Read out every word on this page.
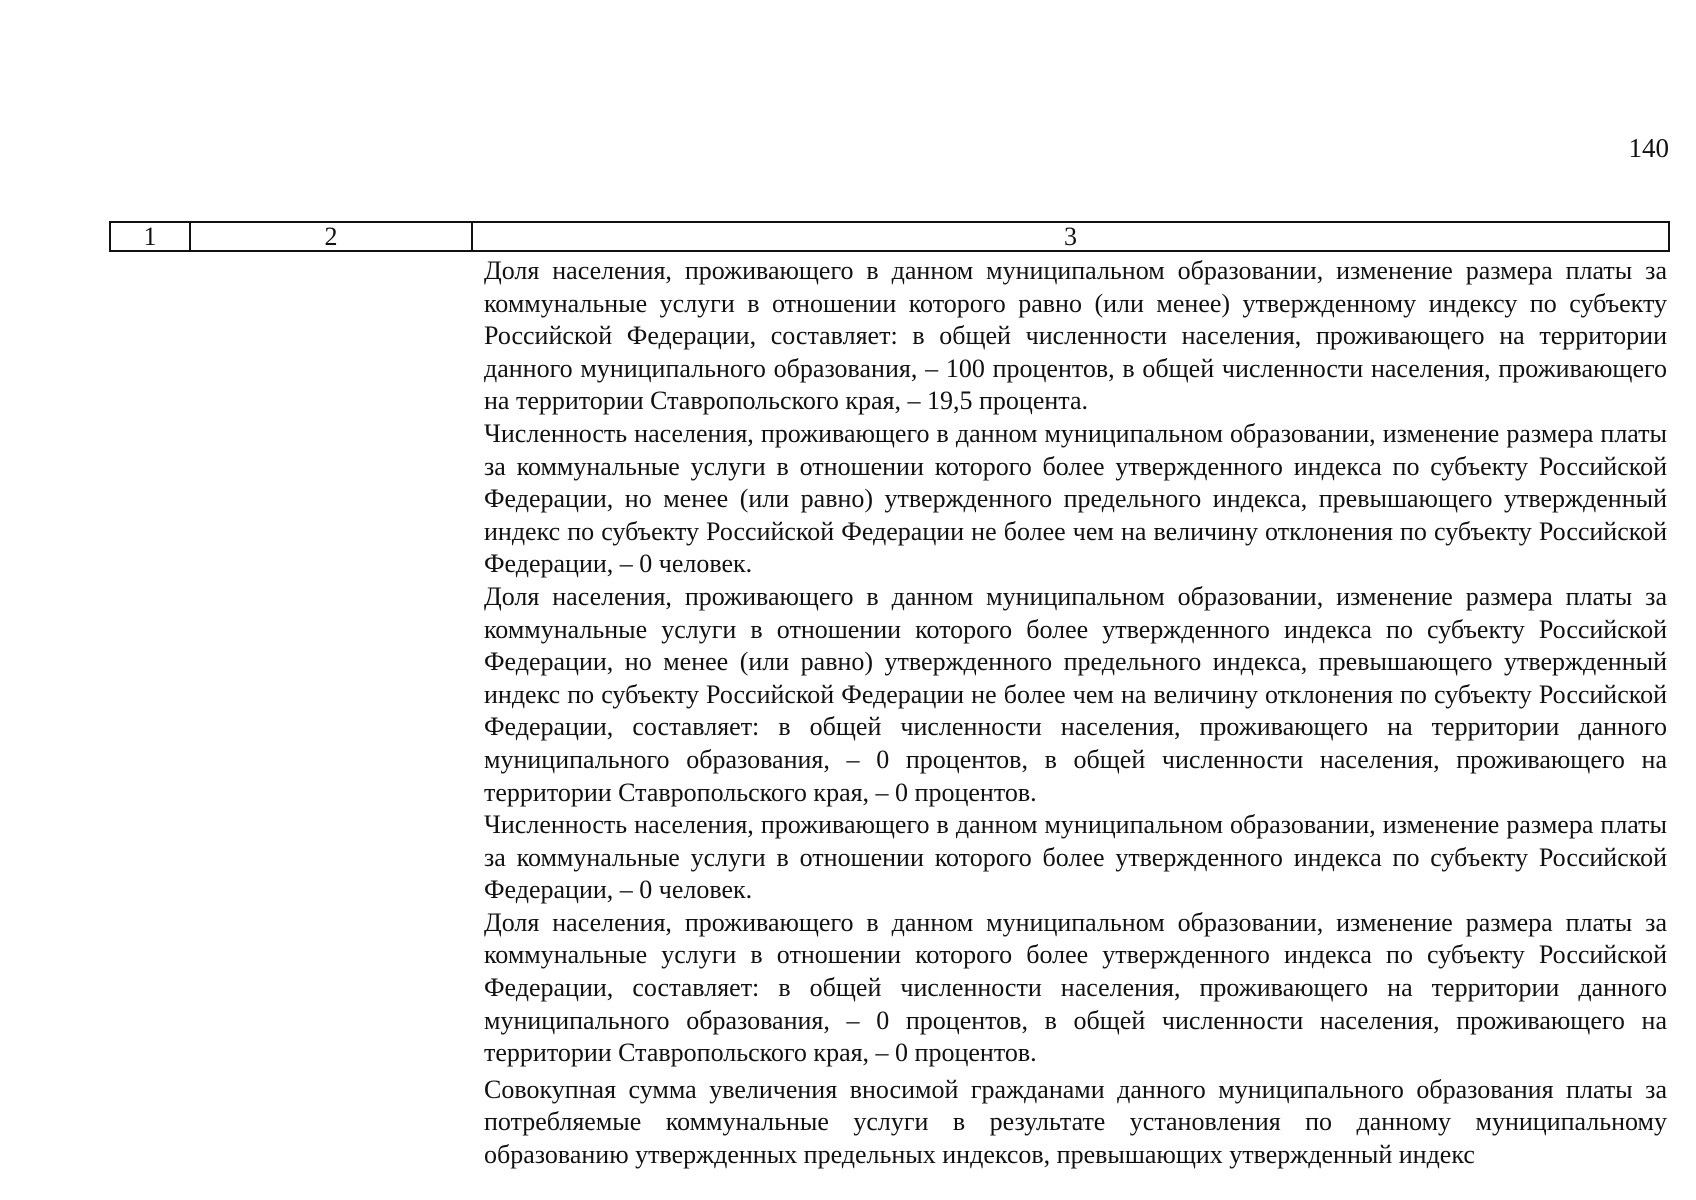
140
1	2	3

Доля населения, проживающего в данном муниципальном образовании, изменение размера платы за коммунальные услуги в отношении которого равно (или менее) утвержденному индексу по субъекту Российской Федерации, составляет: в общей численности населения, проживающего на территории данного муниципального образования, – 100 процентов, в общей численности населения, проживающего на территории Ставропольского края, – 19,5 процента.

Численность населения, проживающего в данном муниципальном образовании, изменение размера платы за коммунальные услуги в отношении которого более утвержденного индекса по субъекту Российской Федерации, но менее (или равно) утвержденного предельного индекса, превышающего утвержденный индекс по субъекту Российской Федерации не более чем на величину отклонения по субъекту Российской Федерации, – 0 человек.

Доля населения, проживающего в данном муниципальном образовании, изменение размера платы за коммунальные услуги в отношении которого более утвержденного индекса по субъекту Российской Федерации, но менее (или равно) утвержденного предельного индекса, превышающего утвержденный индекс по субъекту Российской Федерации не более чем на величину отклонения по субъекту Российской Федерации, составляет: в общей численности населения, проживающего на территории данного муниципального образования, – 0 процентов, в общей численности населения, проживающего на территории Ставропольского края, – 0 процентов.

Численность населения, проживающего в данном муниципальном образовании, изменение размера платы за коммунальные услуги в отношении которого более утвержденного индекса по субъекту Российской Федерации, – 0 человек.

Доля населения, проживающего в данном муниципальном образовании, изменение размера платы за коммунальные услуги в отношении которого более утвержденного индекса по субъекту Российской Федерации, составляет: в общей численности населения, проживающего на территории данного муниципального образования, – 0 процентов, в общей численности населения, проживающего на территории Ставропольского края, – 0 процентов.

Совокупная сумма увеличения вносимой гражданами данного муниципального образования платы за потребляемые коммунальные услуги в результате установления по данному муниципальному образованию утвержденных предельных индексов, превышающих утвержденный индекс
